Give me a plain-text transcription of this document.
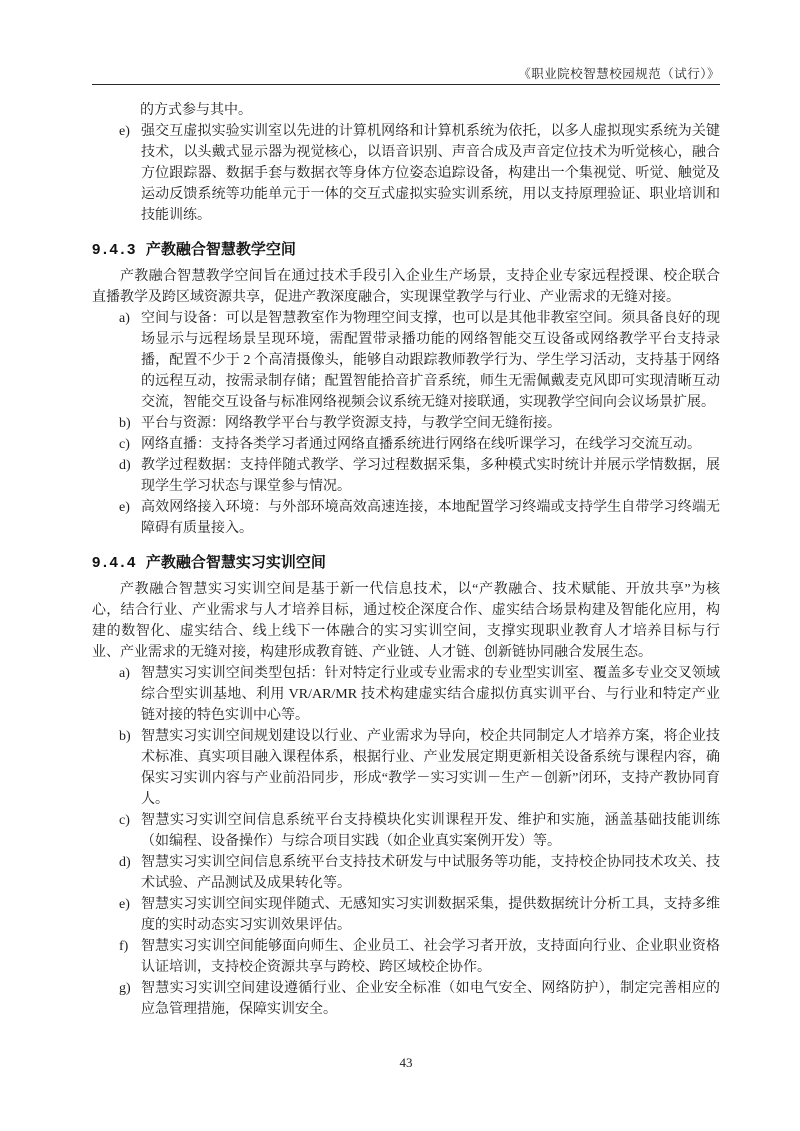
《职业院校智慧校园规范（试行）》
的方式参与其中。
e) 强交互虚拟实验实训室以先进的计算机网络和计算机系统为依托，以多人虚拟现实系统为关键技术，以头戴式显示器为视觉核心，以语音识别、声音合成及声音定位技术为听觉核心，融合方位跟踪器、数据手套与数据衣等身体方位姿态追踪设备，构建出一个集视觉、听觉、触觉及运动反馈系统等功能单元于一体的交互式虚拟实验实训系统，用以支持原理验证、职业培训和技能训练。
9.4.3 产教融合智慧教学空间
产教融合智慧教学空间旨在通过技术手段引入企业生产场景，支持企业专家远程授课、校企联合直播教学及跨区域资源共享，促进产教深度融合，实现课堂教学与行业、产业需求的无缝对接。
a) 空间与设备：可以是智慧教室作为物理空间支撑，也可以是其他非教室空间。须具备良好的现场显示与远程场景呈现环境，需配置带录播功能的网络智能交互设备或网络教学平台支持录播，配置不少于 2 个高清摄像头，能够自动跟踪教师教学行为、学生学习活动，支持基于网络的远程互动，按需录制存储；配置智能拾音扩音系统，师生无需佩戴麦克风即可实现清晰互动交流，智能交互设备与标准网络视频会议系统无缝对接联通，实现教学空间向会议场景扩展。
b) 平台与资源：网络教学平台与教学资源支持，与教学空间无缝衔接。
c) 网络直播：支持各类学习者通过网络直播系统进行网络在线听课学习，在线学习交流互动。
d) 教学过程数据：支持伴随式教学、学习过程数据采集，多种模式实时统计并展示学情数据，展现学生学习状态与课堂参与情况。
e) 高效网络接入环境：与外部环境高效高速连接，本地配置学习终端或支持学生自带学习终端无障碍有质量接入。
9.4.4 产教融合智慧实习实训空间
产教融合智慧实习实训空间是基于新一代信息技术，以“产教融合、技术赋能、开放共享”为核心，结合行业、产业需求与人才培养目标，通过校企深度合作、虚实结合场景构建及智能化应用，构建的数智化、虚实结合、线上线下一体融合的实习实训空间，支撑实现职业教育人才培养目标与行业、产业需求的无缝对接，构建形成教育链、产业链、人才链、创新链协同融合发展生态。
a) 智慧实习实训空间类型包括：针对特定行业或专业需求的专业型实训室、覆盖多专业交叉领域综合型实训基地、利用 VR/AR/MR 技术构建虚实结合虚拟仿真实训平台、与行业和特定产业链对接的特色实训中心等。
b) 智慧实习实训空间规划建设以行业、产业需求为导向，校企共同制定人才培养方案，将企业技术标准、真实项目融入课程体系，根据行业、产业发展定期更新相关设备系统与课程内容，确保实习实训内容与产业前沿同步，形成“教学－实习实训－生产－创新”闭环，支持产教协同育人。
c) 智慧实习实训空间信息系统平台支持模块化实训课程开发、维护和实施，涵盖基础技能训练（如编程、设备操作）与综合项目实践（如企业真实案例开发）等。
d) 智慧实习实训空间信息系统平台支持技术研发与中试服务等功能，支持校企协同技术攻关、技术试验、产品测试及成果转化等。
e) 智慧实习实训空间实现伴随式、无感知实习实训数据采集，提供数据统计分析工具，支持多维度的实时动态实习实训效果评估。
f) 智慧实习实训空间能够面向师生、企业员工、社会学习者开放，支持面向行业、企业职业资格认证培训，支持校企资源共享与跨校、跨区域校企协作。
g) 智慧实习实训空间建设遵循行业、企业安全标准（如电气安全、网络防护），制定完善相应的应急管理措施，保障实训安全。
43
